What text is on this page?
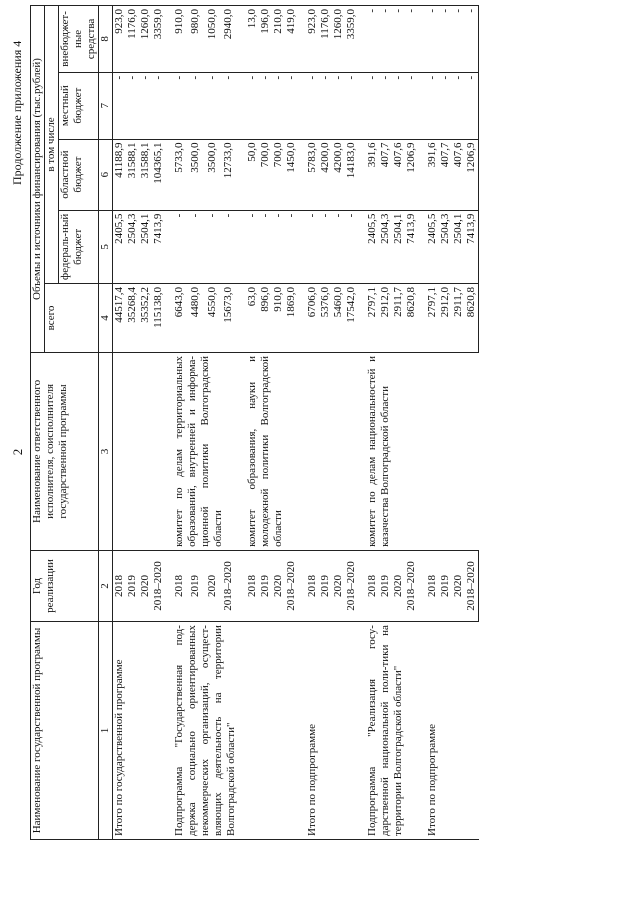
2
Продолжение приложения 4
Наименование государственной программы	Год реализации	Наименование ответственного исполнителя, соисполнителя государственной программы	Объемы и источники финансирования (тыс.рублей)				
			всего	в том числе			
				федераль-ный бюджет	областной бюджет	местный бюджет	внебюджет-ные средства
1	2	3	4	5	6	7	8
Итого по государственной программе	2018		44517,4	2405,5	41188,9	-	923,0
	2019		35268,4	2504,3	31588,1	-	1176,0
	2020		35352,2	2504,1	31588,1	-	1260,0
	2018–2020		115138,0	7413,9	104365,1	-	3359,0

Подпрограмма "Государственная под-держка социально ориентированных некоммерческих организаций, осущест-вляющих деятельность на территории Волгоградской области"	2018	комитет по делам территориальных образований, внутренней и информа-ционной политики Волгоградской области	6643,0	-	5733,0	-	910,0
	2019		4480,0	-	3500,0	-	980,0
	2020		4550,0	-	3500,0	-	1050,0
	2018–2020		15673,0	-	12733,0	-	2940,0

	2018	комитет образования, науки и молодежной политики Волгоградской области	63,0	-	50,0	-	13,0
	2019		896,0	-	700,0	-	196,0
	2020		910,0	-	700,0	-	210,0
	2018–2020		1869,0	-	1450,0	-	419,0

Итого по подпрограмме	2018		6706,0	-	5783,0	-	923,0
	2019		5376,0	-	4200,0	-	1176,0
	2020		5460,0	-	4200,0	-	1260,0
	2018–2020		17542,0	-	14183,0	-	3359,0

Подпрограмма "Реализация госу-дарственной национальной поли-тики на территории Волгоградской области"	2018	комитет по делам национальностей и казачества Волгоградской области	2797,1	2405,5	391,6	-	-
	2019		2912,0	2504,3	407,7	-	-
	2020		2911,7	2504,1	407,6	-	-
	2018–2020		8620,8	7413,9	1206,9	-	-

Итого по подпрограмме	2018		2797,1	2405,5	391,6	-	-
	2019		2912,0	2504,3	407,7	-	-
	2020		2911,7	2504,1	407,6	-	-
	2018–2020		8620,8	7413,9	1206,9	-	-
